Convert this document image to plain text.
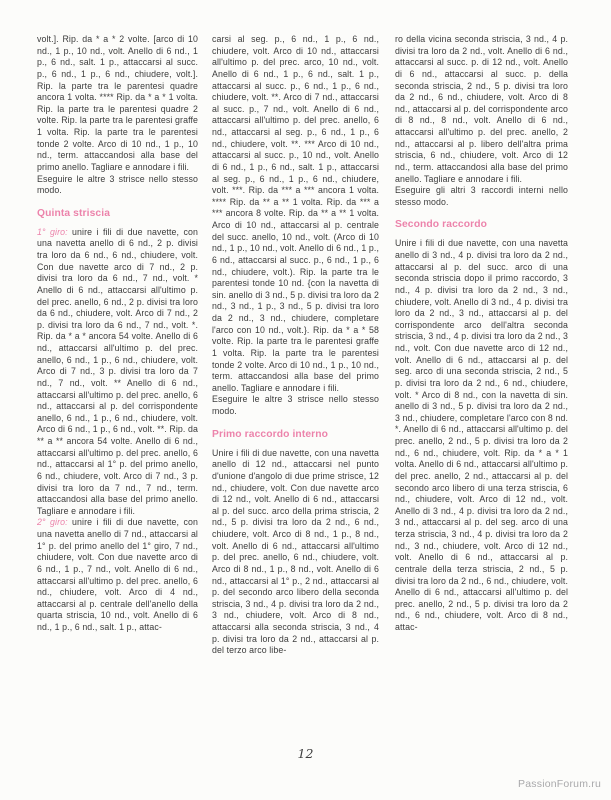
volt.]. Rip. da * a * 2 volte. [arco di 10 nd., 1 p., 10 nd., volt. Anello di 6 nd., 1 p., 6 nd., salt. 1 p., attaccarsi al succ. p., 6 nd., 1 p., 6 nd., chiudere, volt.]. Rip. la parte tra le parentesi quadre ancora 1 volta. **** Rip. da * a * 1 volta. Rip. la parte tra le parentesi quadre 2 volte. Rip. la parte tra le parentesi graffe 1 volta. Rip. la parte tra le parentesi tonde 2 volte. Arco di 10 nd., 1 p., 10 nd., term. attaccandosi alla base del primo anello. Tagliare e annodare i fili.

Eseguire le altre 3 strisce nello stesso modo.

Quinta striscia

1° giro: unire i fili di due navette, con una navetta anello di 6 nd., 2 p. divisi tra loro da 6 nd., 6 nd., chiudere, volt. Con due navette arco di 7 nd., 2 p. divisi tra loro da 6 nd., 7 nd., volt. * Anello di 6 nd., attaccarsi all'ultimo p. del prec. anello, 6 nd., 2 p. divisi tra loro da 6 nd., chiudere, volt. Arco di 7 nd., 2 p. divisi tra loro da 6 nd., 7 nd., volt. *. Rip. da * a * ancora 54 volte. Anello di 6 nd., attaccarsi all'ultimo p. del prec. anello, 6 nd., 1 p., 6 nd., chiudere, volt. Arco di 7 nd., 3 p. divisi tra loro da 7 nd., 7 nd., volt. ** Anello di 6 nd., attaccarsi all'ultimo p. del prec. anello, 6 nd., attaccarsi al p. del corrispondente anello, 6 nd., 1 p., 6 nd., chiudere, volt. Arco di 6 nd., 1 p., 6 nd., volt. **. Rip. da ** a ** ancora 54 volte. Anello di 6 nd., attaccarsi all'ultimo p. del prec. anello, 6 nd., attaccarsi al 1° p. del primo anello, 6 nd., chiudere, volt. Arco di 7 nd., 3 p. divisi tra loro da 7 nd., 7 nd., term. attaccandosi alla base del primo anello. Tagliare e annodare i fili.

2° giro: unire i fili di due navette, con una navetta anello di 7 nd., attaccarsi al 1° p. del primo anello del 1° giro, 7 nd., chiudere, volt. Con due navette arco di 6 nd., 1 p., 7 nd., volt. Anello di 6 nd., attaccarsi all'ultimo p. del prec. anello, 6 nd., chiudere, volt. Arco di 4 nd., attaccarsi al p. centrale dell'anello della quarta striscia, 10 nd., volt. Anello di 6 nd., 1 p., 6 nd., salt. 1 p., attac-

carsi al seg. p., 6 nd., 1 p., 6 nd., chiudere, volt. Arco di 10 nd., attaccarsi all'ultimo p. del prec. arco, 10 nd., volt. Anello di 6 nd., 1 p., 6 nd., salt. 1 p., attaccarsi al succ. p., 6 nd., 1 p., 6 nd., chiudere, volt. **. Arco di 7 nd., attaccarsi al succ. p., 7 nd., volt. Anello di 6 nd., attaccarsi all'ultimo p. del prec. anello, 6 nd., attaccarsi al seg. p., 6 nd., 1 p., 6 nd., chiudere, volt. **. *** Arco di 10 nd., attaccarsi al succ. p., 10 nd., volt. Anello di 6 nd., 1 p., 6 nd., salt. 1 p., attaccarsi al seg. p., 6 nd., 1 p., 6 nd., chiudere, volt. ***. Rip. da *** a *** ancora 1 volta. **** Rip. da ** a ** 1 volta. Rip. da *** a *** ancora 8 volte. Rip. da ** a ** 1 volta. Arco di 10 nd., attaccarsi al p. centrale del succ. anello, 10 nd., volt. (Arco di 10 nd., 1 p., 10 nd., volt. Anello di 6 nd., 1 p., 6 nd., attaccarsi al succ. p., 6 nd., 1 p., 6 nd., chiudere, volt.). Rip. la parte tra le parentesi tonde 10 nd. {con la navetta di sin. anello di 3 nd., 5 p. divisi tra loro da 2 nd., 3 nd., 1 p., 3 nd., 5 p. divisi tra loro da 2 nd., 3 nd., chiudere, completare l'arco con 10 nd., volt.}. Rip. da * a * 58 volte. Rip. la parte tra le parentesi graffe 1 volta. Rip. la parte tra le parentesi tonde 2 volte. Arco di 10 nd., 1 p., 10 nd., term. attaccandosi alla base del primo anello. Tagliare e annodare i fili.

Eseguire le altre 3 strisce nello stesso modo.

Primo raccordo interno

Unire i fili di due navette, con una navetta anello di 12 nd., attaccarsi nel punto d'unione d'angolo di due prime strisce, 12 nd., chiudere, volt. Con due navette arco di 12 nd., volt. Anello di 6 nd., attaccarsi al p. del succ. arco della prima striscia, 2 nd., 5 p. divisi tra loro da 2 nd., 6 nd., chiudere, volt. Arco di 8 nd., 1 p., 8 nd., volt. Anello di 6 nd., attaccarsi all'ultimo p. del prec. anello, 6 nd., chiudere, volt. Arco di 8 nd., 1 p., 8 nd., volt. Anello di 6 nd., attaccarsi al 1° p., 2 nd., attaccarsi al p. del secondo arco libero della seconda striscia, 3 nd., 4 p. divisi tra loro da 2 nd., 3 nd., chiudere, volt. Arco di 8 nd., attaccarsi alla seconda striscia, 3 nd., 4 p. divisi tra loro da 2 nd., attaccarsi al p. del terzo arco libe-

ro della vicina seconda striscia, 3 nd., 4 p. divisi tra loro da 2 nd., volt. Anello di 6 nd., attaccarsi al succ. p. di 12 nd., volt. Anello di 6 nd., attaccarsi al succ. p. della seconda striscia, 2 nd., 5 p. divisi tra loro da 2 nd., 6 nd., chiudere, volt. Arco di 8 nd., attaccarsi al p. del corrispondente arco di 8 nd., 8 nd., volt. Anello di 6 nd., attaccarsi all'ultimo p. del prec. anello, 2 nd., attaccarsi al p. libero dell'altra prima striscia, 6 nd., chiudere, volt. Arco di 12 nd., term. attaccandosi alla base del primo anello. Tagliare e annodare i fili.

Eseguire gli altri 3 raccordi interni nello stesso modo.

Secondo raccordo

Unire i fili di due navette, con una navetta anello di 3 nd., 4 p. divisi tra loro da 2 nd., attaccarsi al p. del succ. arco di una seconda striscia dopo il primo raccordo, 3 nd., 4 p. divisi tra loro da 2 nd., 3 nd., chiudere, volt. Anello di 3 nd., 4 p. divisi tra loro da 2 nd., 3 nd., attaccarsi al p. del corrispondente arco dell'altra seconda striscia, 3 nd., 4 p. divisi tra loro da 2 nd., 3 nd., volt. Con due navette arco di 12 nd., volt. Anello di 6 nd., attaccarsi al p. del seg. arco di una seconda striscia, 2 nd., 5 p. divisi tra loro da 2 nd., 6 nd., chiudere, volt. * Arco di 8 nd., con la navetta di sin. anello di 3 nd., 5 p. divisi tra loro da 2 nd., 3 nd., chiudere, completare l'arco con 8 nd. *. Anello di 6 nd., attaccarsi all'ultimo p. del prec. anello, 2 nd., 5 p. divisi tra loro da 2 nd., 6 nd., chiudere, volt. Rip. da * a * 1 volta. Anello di 6 nd., attaccarsi all'ultimo p. del prec. anello, 2 nd., attaccarsi al p. del secondo arco libero di una terza striscia, 6 nd., chiudere, volt. Arco di 12 nd., volt. Anello di 3 nd., 4 p. divisi tra loro da 2 nd., 3 nd., attaccarsi al p. del seg. arco di una terza striscia, 3 nd., 4 p. divisi tra loro da 2 nd., 3 nd., chiudere, volt. Arco di 12 nd., volt. Anello di 6 nd., attaccarsi al p. centrale della terza striscia, 2 nd., 5 p. divisi tra loro da 2 nd., 6 nd., chiudere, volt. Anello di 6 nd., attaccarsi all'ultimo p. del prec. anello, 2 nd., 5 p. divisi tra loro da 2 nd., 6 nd., chiudere, volt. Arco di 8 nd., attac-

12
PassionForum.ru
